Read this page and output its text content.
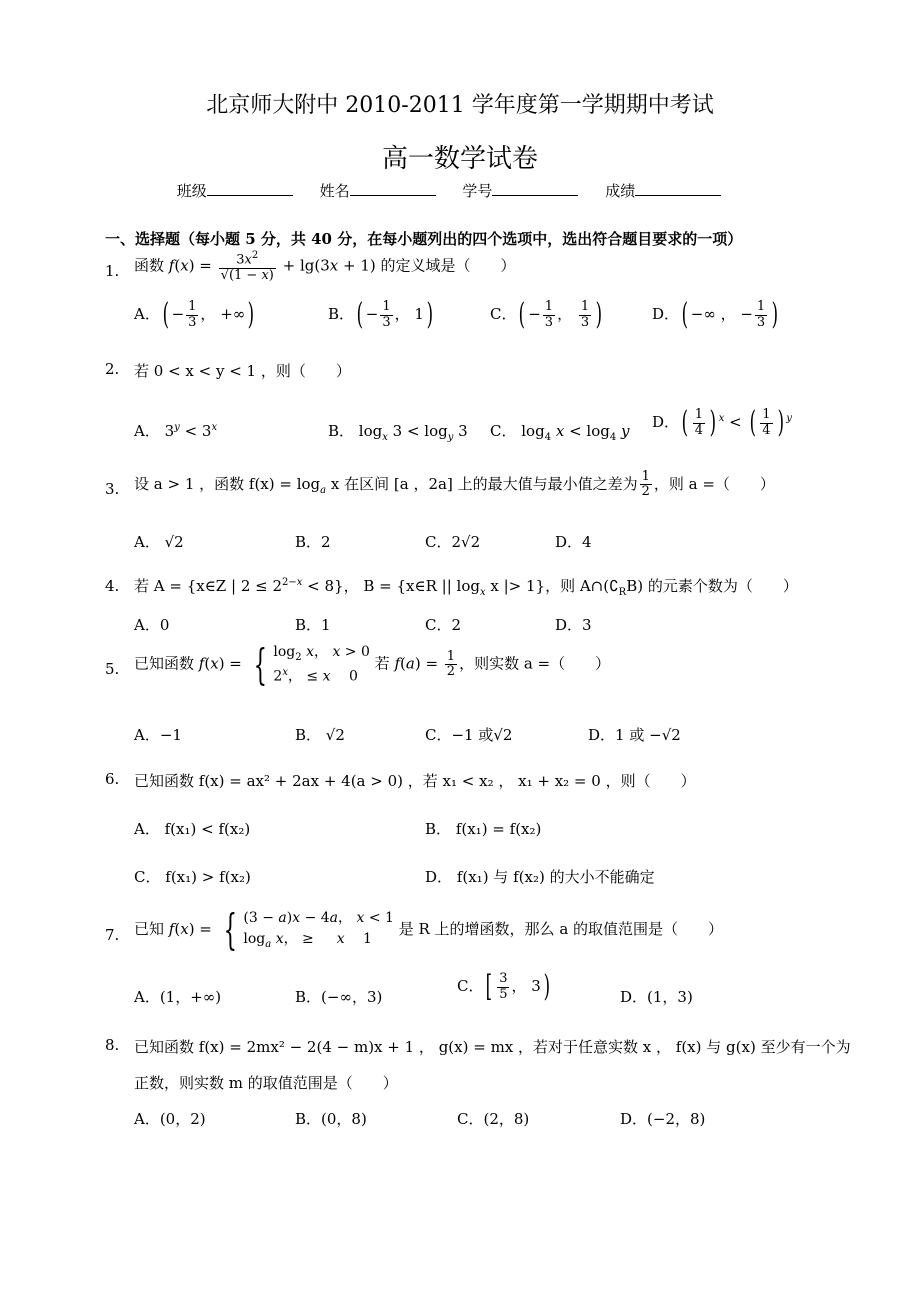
北京师大附中 2010-2011 学年度第一学期期中考试
高一数学试卷
班级	姓名	学号	成绩
一、选择题（每小题 5 分，共 40 分，在每小题列出的四个选项中，选出符合题目要求的一项）
1. 函数 $f(x) = \frac{3x^2}{√(1 - x)} + \lg(3x + 1)$ 的定义域是（　　）
A．( − $\frac{1}{3}$ ， +∞)	B．( − $\frac{1}{3}$ ， 1)	C．( − $\frac{1}{3}$ ， $\frac{1}{3}$ )	D．( −∞ ， − $\frac{1}{3}$ )
2. 若 0 < x < y < 1 ，则（　　）
A． $3^y < 3^x$	B． $\log_x 3 < \log_y 3$ C． $\log_4 x < \log_4 y$ D．( $\frac{1}{4}$ ) $^x$ < ( $\frac{1}{4}$ ) $^y$
3. 设 a > 1 ，函数 $f(x) = \log_a x$ 在区间 [a ，2a] 上的最大值与最小值之差为 $\frac{1}{2}$ ，则 a =（　　）
A． √2	B．2	C．2√2	D．4
4. 若 A = {x∈Z | $2 \le 2^{2-x} < 8$}， B = {x∈R || $\log_x x$ |> 1}，则 $A\cap(∁_RB)$ 的元素个数为（　　）
A．0	B．1	C．2	D．3
5. 已知函数 f(x) = { $\log_2 x$， x > 0
2$^x$， ≤ x　 0 若 $f(a) = \frac{1}{2}$ ，则实数 a =（　　）
A．−1	B． √2	C．−1 或√2	D．1 或 −√2
6. 已知函数 f(x) = ax² + 2ax + 4(a > 0) ，若 x₁ < x₂ ， x₁ + x₂ = 0 ，则（　　）
A． f(x₁) < f(x₂)	B． f(x₁) = f(x₂)
C． f(x₁) > f(x₂)	D． f(x₁) 与 f(x₂) 的大小不能确定
7. 已知 f(x) = { (3 − a)x − 4a， x < 1
$\log_a x$， ≥ 　 x　 1 是 R 上的增函数，那么 a 的取值范围是（　　）
A．(1，+∞)	B．(−∞，3)
C．[ $\frac{3}{5}$ ， 3)	D．(1，3)
8. 已知函数 f(x) = 2mx² − 2(4 − m)x + 1 ， g(x) = mx ，若对于任意实数 x ， f(x) 与 g(x) 至少有一个为
正数，则实数 m 的取值范围是（　　）
A．(0，2)	B．(0，8)	C．(2，8)	D．(−2，8)
